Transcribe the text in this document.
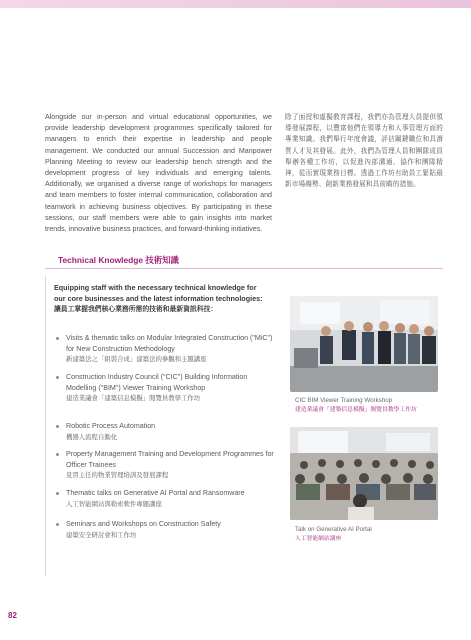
Alongside our in-person and virtual educational opportunities, we provide leadership development programmes specifically tailored for managers to enrich their expertise in leadership and people management. We conducted our annual Succession and Manpower Planning Meeting to review our leadership bench strength and the development progress of key individuals and emerging talents. Additionally, we organised a diverse range of workshops for managers and team members to foster internal communication, collaboration and teamwork in achieving business objectives. By participating in these sessions, our staff members were able to gain insights into market trends, innovative business practices, and forward-thinking initiatives.

除了面授和虛擬教育課程，我們亦為管理人員提供領導發展課程，以豐富他們在領導力和人事管理方面的專業知識。我們舉行年度會議，評估關鍵職位和具潛質人才及其發展。此外，我們為管理人員和團隊成員舉辦各種工作坊，以促進內部溝通、協作和團隊精神，從而實現業務目標。透過工作坊有助員工緊貼最新市場趨勢、創新業務發展和具前瞻的措施。

Technical Knowledge 技術知識
Equipping staff with the necessary technical knowledge for our core businesses and the latest information technologies:
讓員工掌握我們核心業務所需的技術和最新資訊科技：
Visits & thematic talks on Modular Integrated Construction ("MiC") for New Construction Methodology
新建築法之「組裝合成」建築法的參觀和主題講座
Construction Industry Council ("CIC") Building Information Modelling ("BIM") Viewer Training Workshop
建造業議會「建築信息模擬」閱覽員教學工作坊
Robotic Process Automation
機器人流程自動化
Property Management Training and Development Programmes for Officer Trainees
見習主任的物業管理培訓及發展課程
Thematic talks on Generative AI Portal and Ransomware
人工智能網站與勒索軟件專題講座
Seminars and Workshops on Construction Safety
建築安全研討會和工作坊
CIC BIM Viewer Training Workshop
建造業議會「建築信息模擬」閱覽員教學工作坊
Talk on Generative AI Portal
人工智能網站講座
82
